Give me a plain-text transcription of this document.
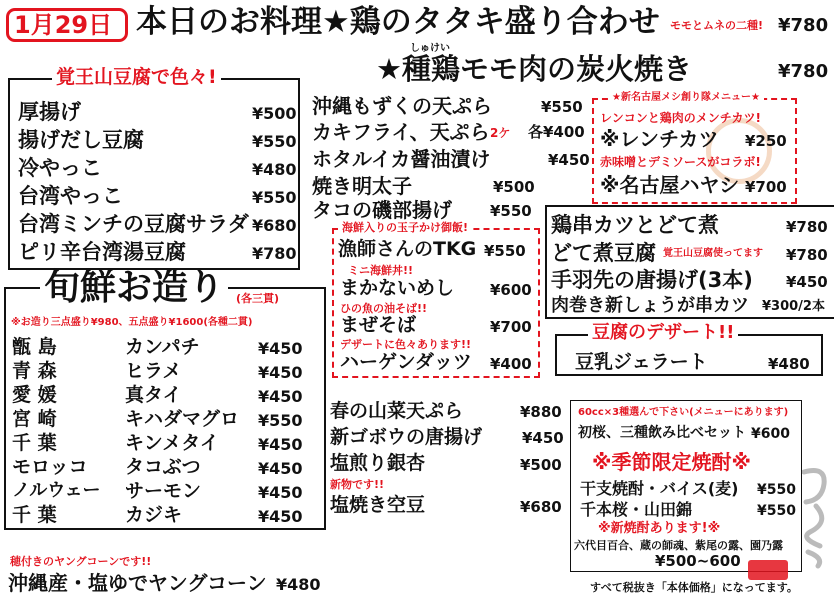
1月29日 本日のお料理★鶏のタタキ盛り合わせ モモとムネの二種! ¥780
しゅけい
★種鶏モモ肉の炭火焼き	¥780
覚王山豆腐で色々!
厚揚げ	¥500
揚げだし豆腐	¥550
冷やっこ	¥480
台湾やっこ	¥550
台湾ミンチの豆腐サラダ ¥680
ピリ辛台湾湯豆腐	¥780
沖縄もずくの天ぷら	¥550
カキフライ、天ぷら 2ケ 各¥400
ホタルイカ醤油漬け	¥450
焼き明太子	¥500
タコの磯部揚げ	¥550
★新名古屋メシ創り隊メニュー★
レンコンと鶏肉のメンチカツ!
※レンチカツ ¥250
赤味噌とデミソースがコラボ!
※名古屋ハヤシ ¥700
旬鮮お造り	(各三貫)
※お造り三点盛り¥980、五点盛り¥1600(各種二貫)
甑 島	カンパチ	¥450
青 森	ヒラメ	¥450
愛 媛	真タイ	¥450
宮 崎	キハダマグロ ¥550
千 葉	キンメタイ ¥450
モロッコ タコぶつ	¥450
ノルウェー サーモン	¥450
千 葉	カジキ	¥450
穂付きのヤングコーンです!!
沖縄産・塩ゆでヤングコーン ¥480
海鮮入りの玉子かけ御飯!
漁師さんのTKG ¥550
ミニ海鮮丼!!
まかないめし ¥600
ひの魚の油そば!!
まぜそば	¥700
デザートに色々あります!!
ハーゲンダッツ ¥400
鶏串カツとどて煮	¥780
どて煮豆腐 覚王山豆腐使ってます ¥780
手羽先の唐揚げ(3本) ¥450
肉巻き新しょうが串カツ ¥300/2本
豆腐のデザート!!
豆乳ジェラート	¥480
春の山菜天ぷら	¥880
新ゴボウの唐揚げ	¥450
塩煎り銀杏	¥500
新物です!!
塩焼き空豆	¥680
60cc×3種選んで下さい(メニューにあります)
初桜、三種飲み比べセット ¥600
※季節限定焼酎※
干支焼酎・バイス(麦) ¥550
千本桜・山田錦	¥550
※新焼酎あります!※
六代目百合、蔵の師魂、紫尾の露、園乃露
¥500~600
すべて税抜き「本体価格」になってます。
